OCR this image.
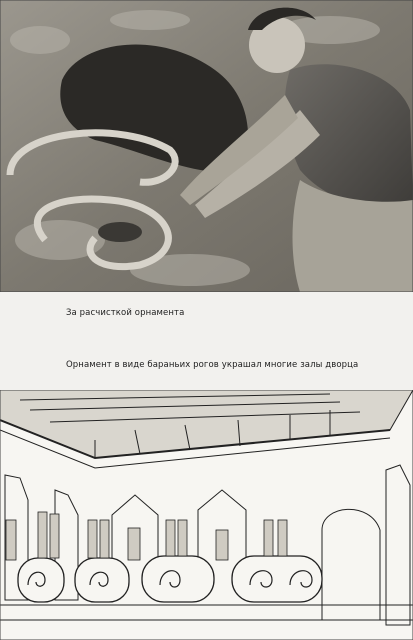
За расчисткой орнамента
Орнамент в виде бараньих рогов украшал многие залы дворца
